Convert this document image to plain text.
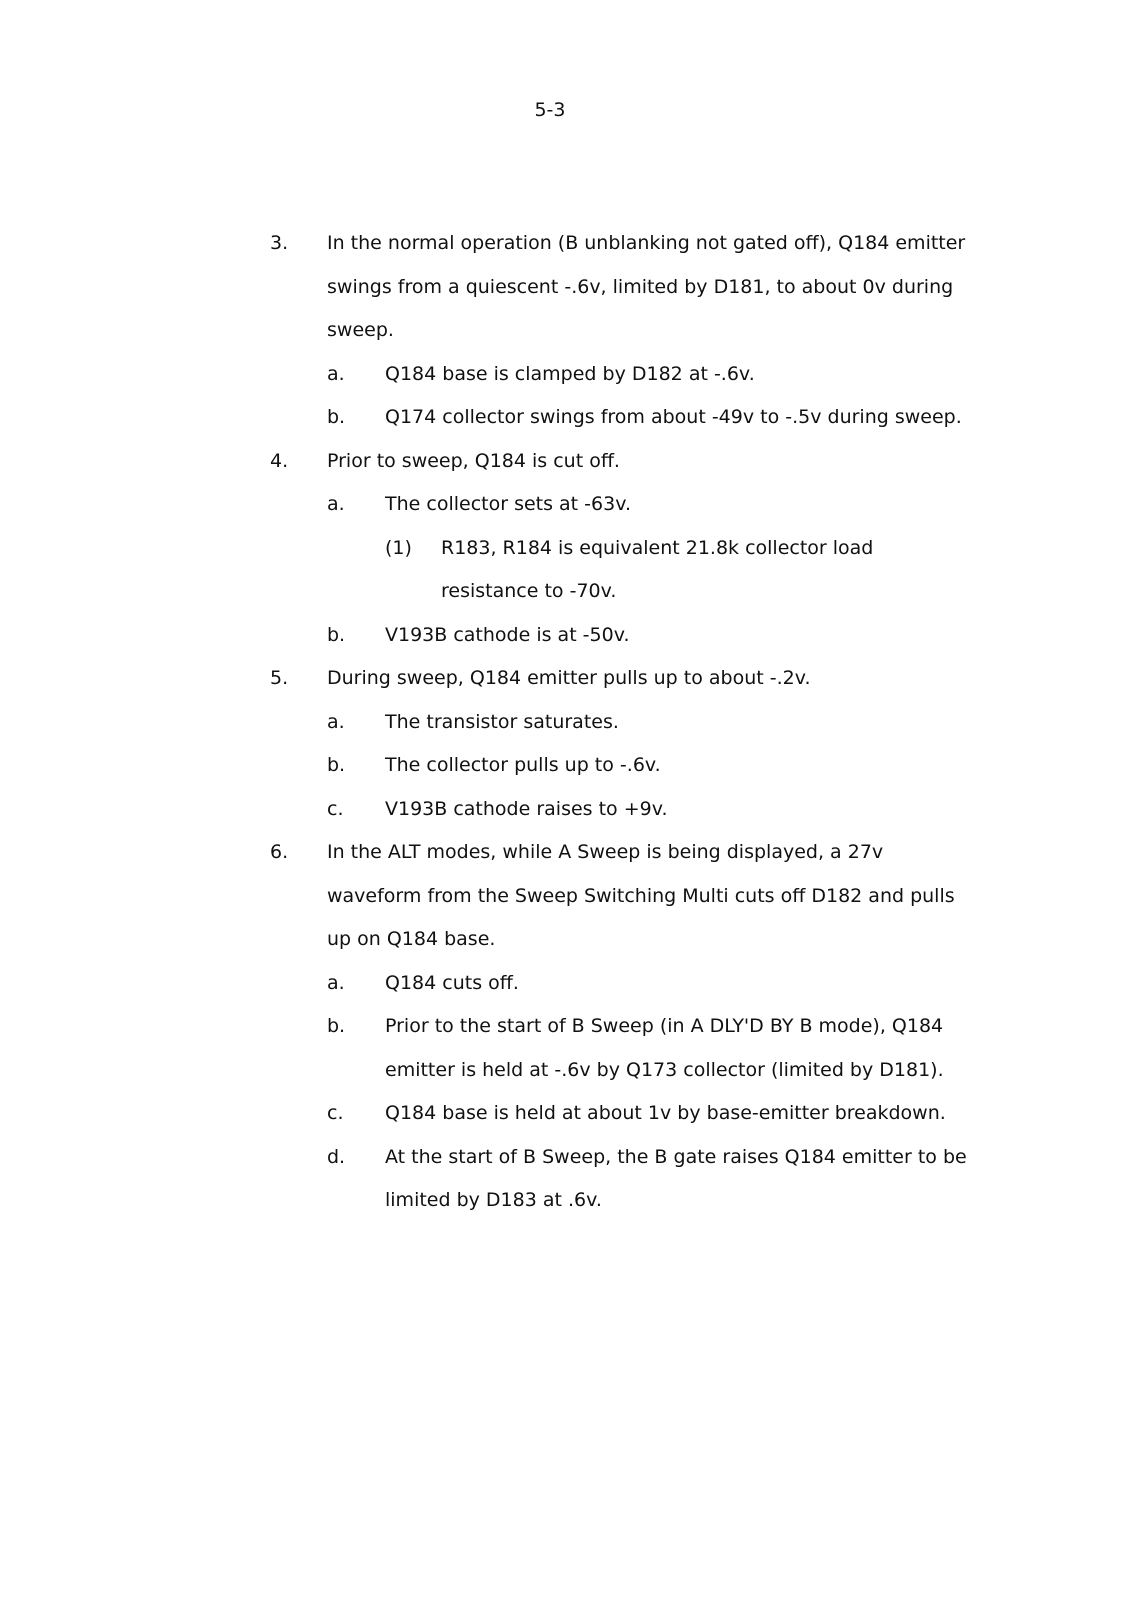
5-3
3.	In the normal operation (B unblanking not gated off), Q184 emitter swings from a quiescent -.6v, limited by D181, to about 0v during sweep.
a.	Q184 base is clamped by D182 at -.6v.
b.	Q174 collector swings from about -49v to -.5v during sweep.
4.	Prior to sweep, Q184 is cut off.
a.	The collector sets at -63v.
(1)	R183, R184 is equivalent 21.8k collector load resistance to -70v.
b.	V193B cathode is at -50v.
5.	During sweep, Q184 emitter pulls up to about -.2v.
a.	The transistor saturates.
b.	The collector pulls up to -.6v.
c.	V193B cathode raises to +9v.
6.	In the ALT modes, while A Sweep is being displayed, a 27v waveform from the Sweep Switching Multi cuts off D182 and pulls up on Q184 base.
a.	Q184 cuts off.
b.	Prior to the start of B Sweep (in A DLY'D BY B mode), Q184 emitter is held at -.6v by Q173 collector (limited by D181).
c.	Q184 base is held at about 1v by base-emitter breakdown.
d.	At the start of B Sweep, the B gate raises Q184 emitter to be limited by D183 at .6v.
